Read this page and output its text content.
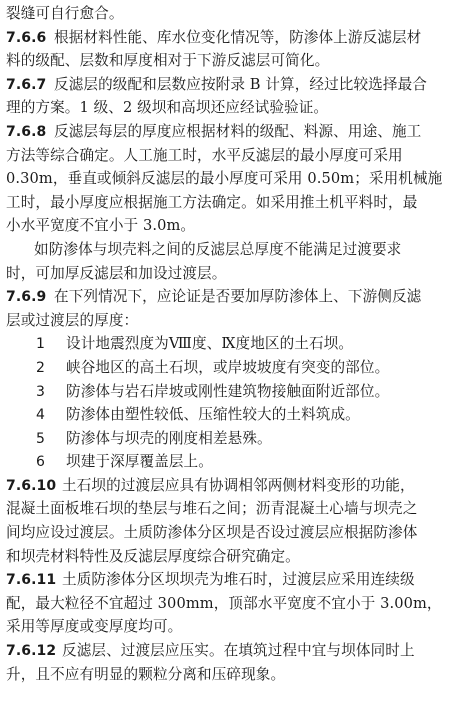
裂缝可自行愈合。
7.6.6 根据材料性能、库水位变化情况等，防渗体上游反滤层材
料的级配、层数和厚度相对于下游反滤层可简化。
7.6.7 反滤层的级配和层数应按附录 B 计算，经过比较选择最合
理的方案。1 级、2 级坝和高坝还应经试验验证。
7.6.8 反滤层每层的厚度应根据材料的级配、料源、用途、施工
方法等综合确定。人工施工时，水平反滤层的最小厚度可采用
0.30m，垂直或倾斜反滤层的最小厚度可采用 0.50m；采用机械施
工时，最小厚度应根据施工方法确定。如采用推土机平料时，最
小水平宽度不宜小于 3.0m。
如防渗体与坝壳料之间的反滤层总厚度不能满足过渡要求
时，可加厚反滤层和加设过渡层。
7.6.9 在下列情况下，应论证是否要加厚防渗体上、下游侧反滤
层或过渡层的厚度：
1 设计地震烈度为Ⅷ度、Ⅸ度地区的土石坝。
2 峡谷地区的高土石坝，或岸坡坡度有突变的部位。
3 防渗体与岩石岸坡或刚性建筑物接触面附近部位。
4 防渗体由塑性较低、压缩性较大的土料筑成。
5 防渗体与坝壳的刚度相差悬殊。
6 坝建于深厚覆盖层上。
7.6.10 土石坝的过渡层应具有协调相邻两侧材料变形的功能，
混凝土面板堆石坝的垫层与堆石之间；沥青混凝土心墙与坝壳之
间均应设过渡层。土质防渗体分区坝是否设过渡层应根据防渗体
和坝壳材料特性及反滤层厚度综合研究确定。
7.6.11 土质防渗体分区坝坝壳为堆石时，过渡层应采用连续级
配，最大粒径不宜超过 300mm，顶部水平宽度不宜小于 3.00m，
采用等厚度或变厚度均可。
7.6.12 反滤层、过渡层应压实。在填筑过程中宜与坝体同时上
升，且不应有明显的颗粒分离和压碎现象。
